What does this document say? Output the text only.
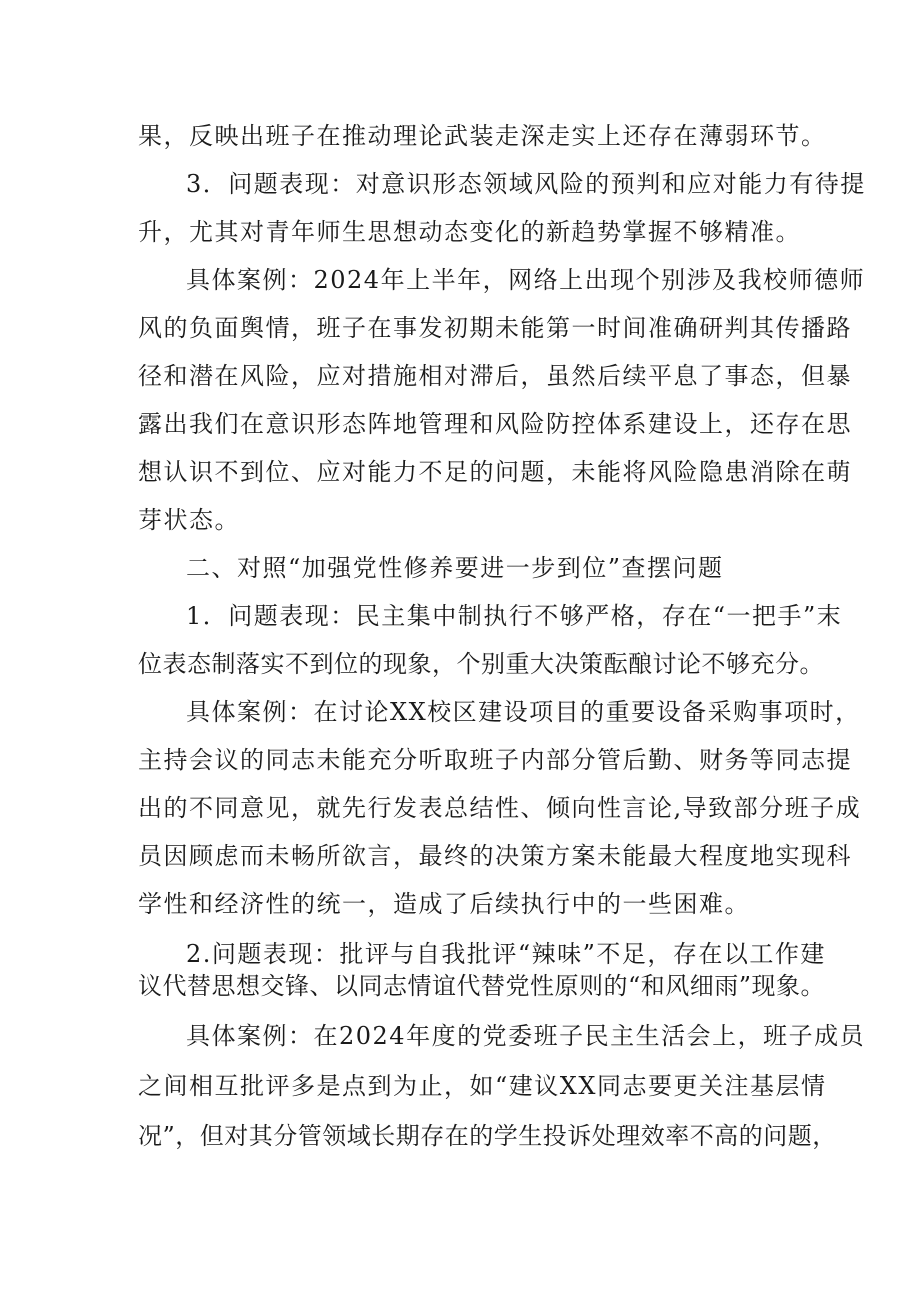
果，反映出班子在推动理论武装走深走实上还存在薄弱环节。
3．问题表现：对意识形态领域风险的预判和应对能力有待提
升，尤其对青年师生思想动态变化的新趋势掌握不够精准。
具体案例：2024年上半年，网络上出现个别涉及我校师德师
风的负面舆情，班子在事发初期未能第一时间准确研判其传播路
径和潜在风险，应对措施相对滞后，虽然后续平息了事态，但暴
露出我们在意识形态阵地管理和风险防控体系建设上，还存在思
想认识不到位、应对能力不足的问题，未能将风险隐患消除在萌
芽状态。
二、对照“加强党性修养要进一步到位”查摆问题
1．问题表现：民主集中制执行不够严格，存在“一把手”末
位表态制落实不到位的现象，个别重大决策酝酿讨论不够充分。
具体案例：在讨论XX校区建设项目的重要设备采购事项时，
主持会议的同志未能充分听取班子内部分管后勤、财务等同志提
出的不同意见，就先行发表总结性、倾向性言论,导致部分班子成
员因顾虑而未畅所欲言，最终的决策方案未能最大程度地实现科
学性和经济性的统一，造成了后续执行中的一些困难。
2.问题表现：批评与自我批评“辣味”不足，存在以工作建
议代替思想交锋、以同志情谊代替党性原则的“和风细雨”现象。
具体案例：在2024年度的党委班子民主生活会上，班子成员
之间相互批评多是点到为止，如“建议XX同志要更关注基层情
况”，但对其分管领域长期存在的学生投诉处理效率不高的问题，
